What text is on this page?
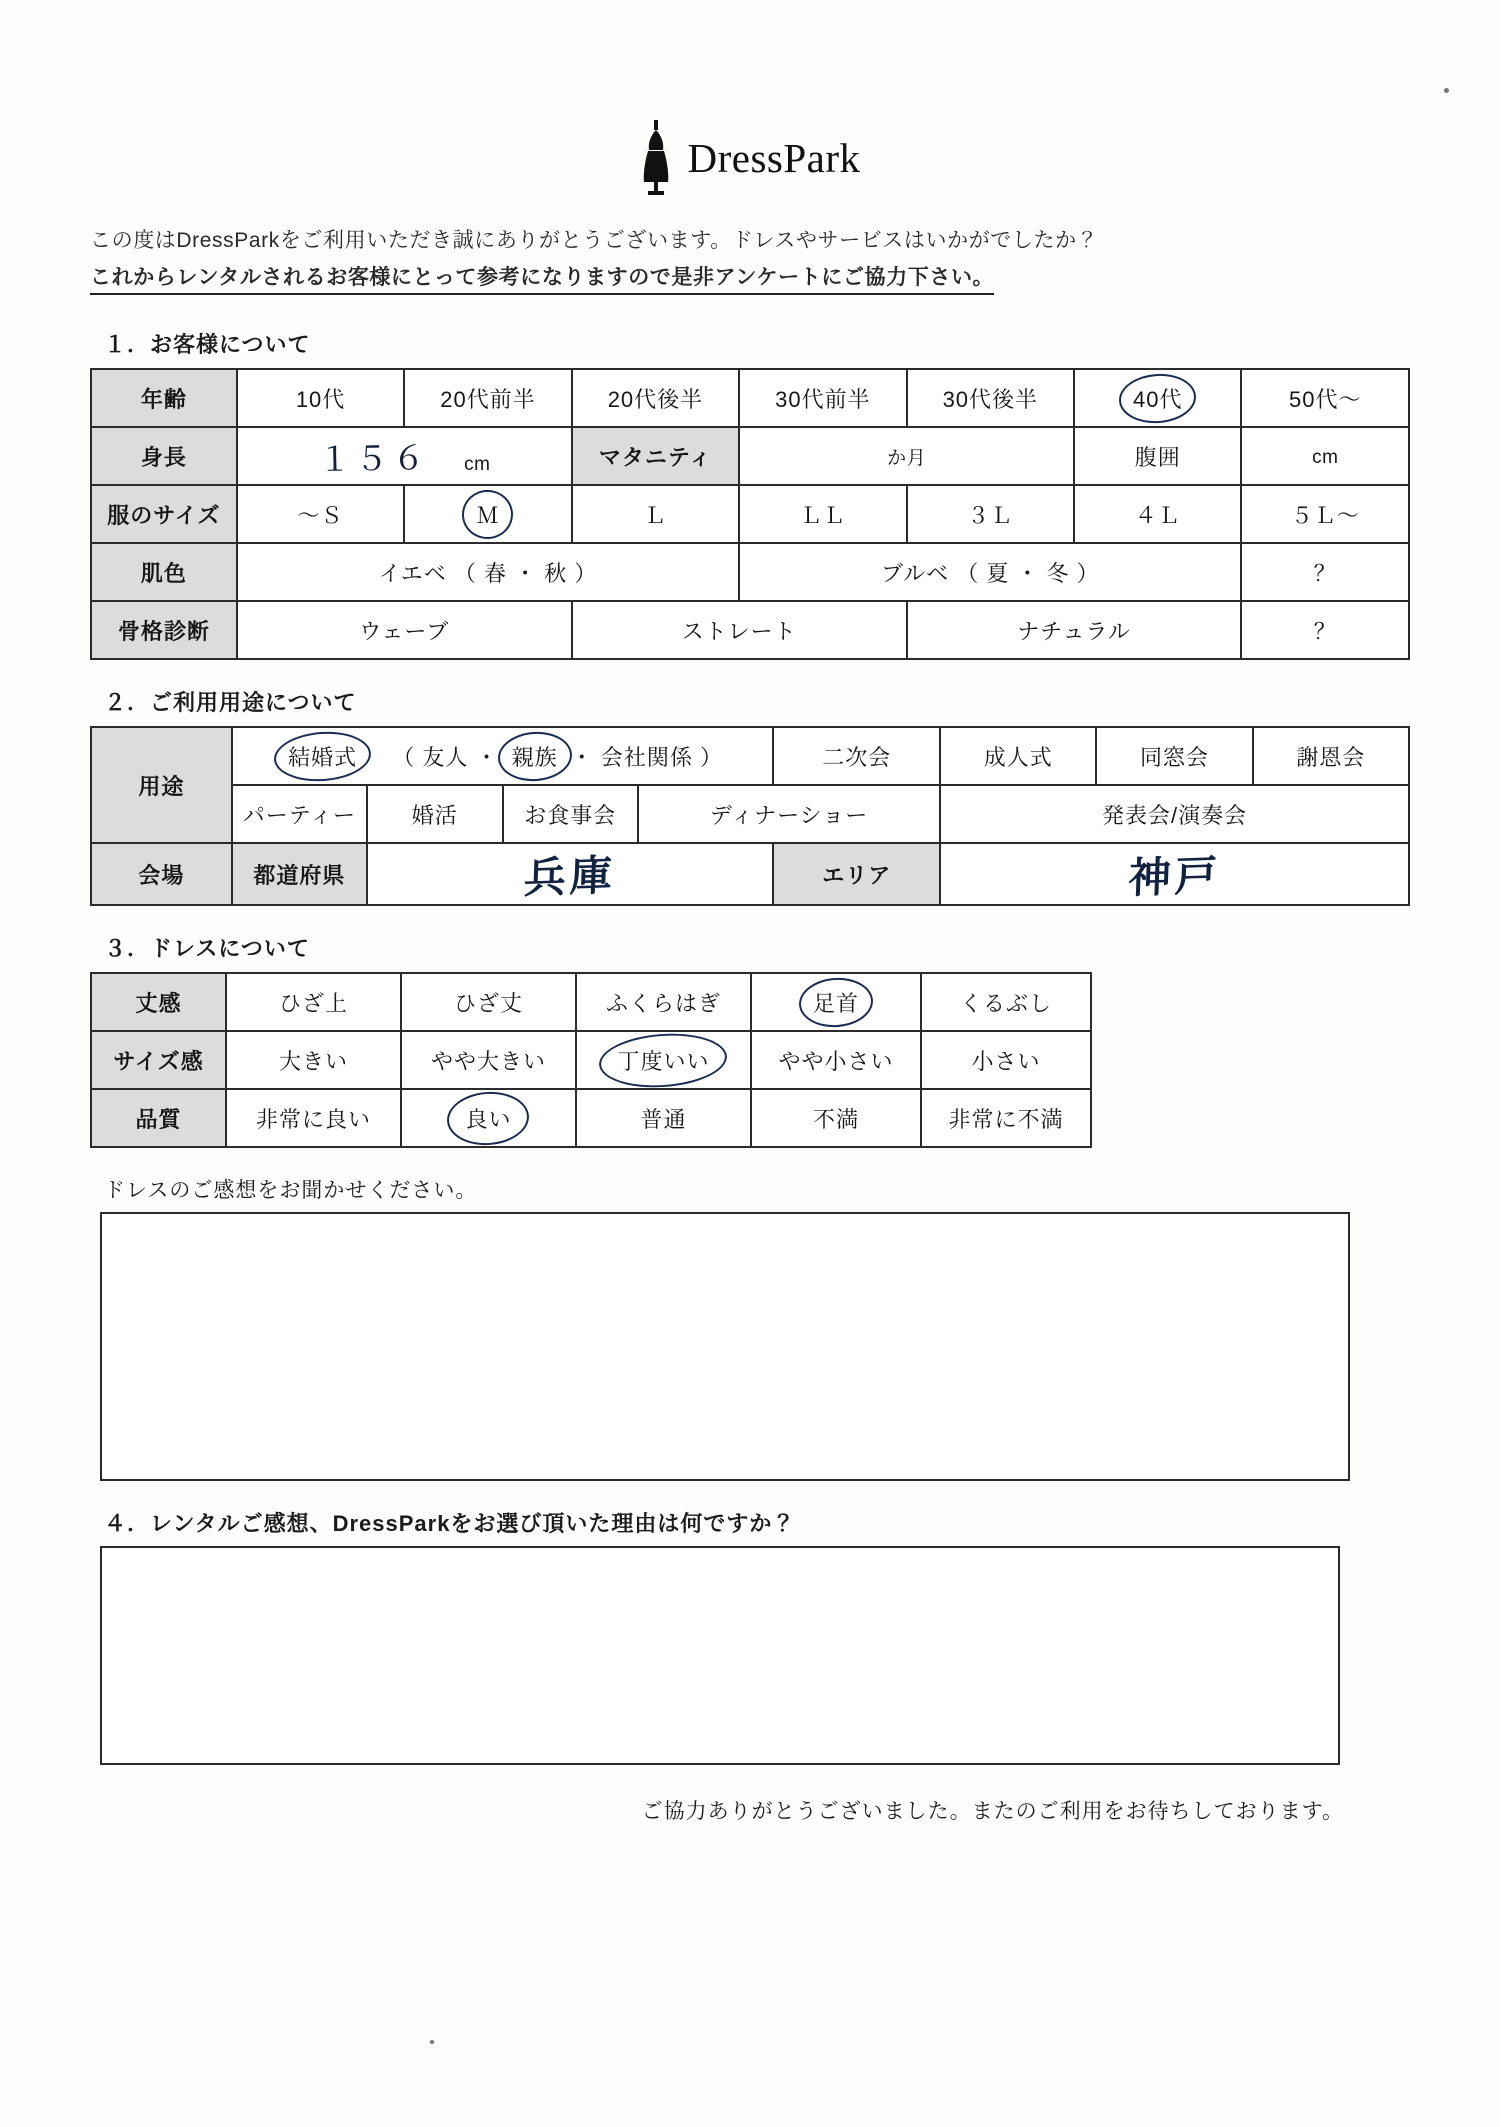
DressPark
この度はDressParkをご利用いただき誠にありがとうございます。ドレスやサービスはいかがでしたか？
これからレンタルされるお客様にとって参考になりますので是非アンケートにご協力下さい。
１．お客様について
年齢	10代	20代前半	20代後半	30代前半	30代後半	40代	50代〜
身長	１５６ cm		マタニティ	か月		腹囲	cm
服のサイズ	〜Ｓ	Ｍ	Ｌ	ＬＬ	３Ｌ	４Ｌ	５Ｌ〜
肌色	イエベ （ 春 ・ 秋 ）			ブルベ （ 夏 ・ 冬 ）			？
骨格診断	ウェーブ		ストレート		ナチュラル		？
２．ご利用用途について
用途	結婚式 （ 友人 ・ 親族 ・ 会社関係 ）				二次会	成人式	同窓会	謝恩会
	パーティー	婚活	お食事会	ディナーショー		発表会/演奏会		
会場	都道府県	兵庫			エリア	神戸		
３．ドレスについて
丈感	ひざ上	ひざ丈	ふくらはぎ	足首	くるぶし
サイズ感	大きい	やや大きい	丁度いい	やや小さい	小さい
品質	非常に良い	良い	普通	不満	非常に不満
ドレスのご感想をお聞かせください。
４．レンタルご感想、DressParkをお選び頂いた理由は何ですか？
ご協力ありがとうございました。またのご利用をお待ちしております。
